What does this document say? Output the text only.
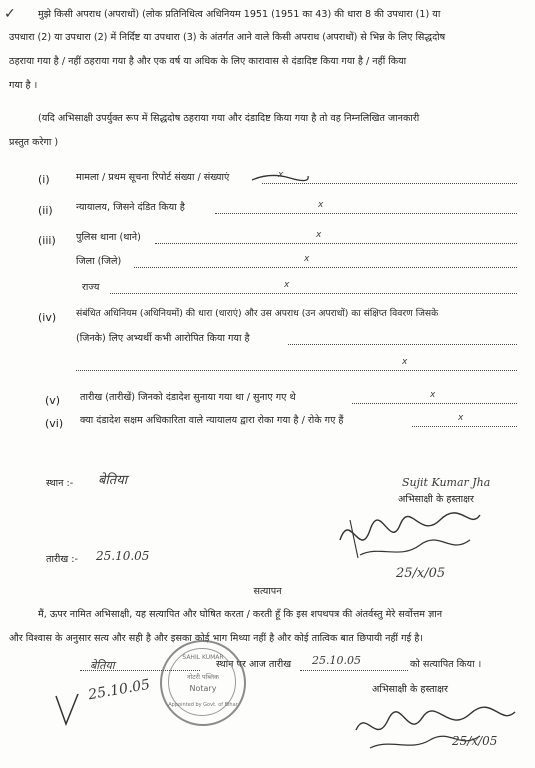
✓ मुझे किसी अपराध (अपराधों) (लोक प्रतिनिधित्व अधिनियम 1951 (1951 का 43) की धारा 8 की उपधारा (1) या
उपधारा (2) या उपधारा (2) में निर्दिष्ट या उपधारा (3) के अंतर्गत आने वाले किसी अपराध (अपराधों) से भिन्न के लिए सिद्धदोष
ठहराया गया है / नहीं ठहराया गया है और एक वर्ष या अधिक के लिए कारावास से दंडादिष्ट किया गया है / नहीं किया
गया है ।
(यदि अभिसाक्षी उपर्युक्त रूप में सिद्धदोष ठहराया गया और दंडादिष्ट किया गया है तो वह निम्नलिखित जानकारी
प्रस्तुत करेगा )
(i)	मामला / प्रथम सूचना रिपोर्ट संख्या / संख्याएं	x
(ii) न्यायालय, जिसने दंडित किया है	x
(iii) पुलिस थाना (थाने)	x
जिला (जिले)	x
राज्य	x
(iv) संबंधित अधिनियम (अधिनियमों) की धारा (धाराएं) और उस अपराध (उन अपराधों) का संक्षिप्त विवरण जिसके
(जिनके) लिए अभ्यर्थी कभी आरोपित किया गया है
x
(v) तारीख (तारीखें) जिनको दंडादेश सुनाया गया था / सुनाए गए थे	x
(vi) क्या दंडादेश सक्षम अधिकारिता वाले न्यायालय द्वारा रोका गया है / रोके गए हैं	x
स्थान :- बेतिया	Sujit Kumar Jha
अभिसाक्षी के हस्ताक्षर
25/x/05
तारीख :- 25.10.05
सत्यापन
मैं, ऊपर नामित अभिसाक्षी, यह सत्यापित और घोषित करता / करती हूँ कि इस शपथपत्र की अंतर्वस्तु मेरे सर्वोत्तम ज्ञान
और विश्वास के अनुसार सत्य और सही है और इसका कोई भाग मिथ्या नहीं है और कोई तात्विक बात छिपायी नहीं गई है।
बेतिया	स्थान पर आज तारीख 25.10.05	को सत्यापित किया ।
SAHIL KUMAR
नोटरी पब्लिक
Notary
Appointed by Govt. of Bihar
25.10.05	अभिसाक्षी के हस्ताक्षर
25/x/05
